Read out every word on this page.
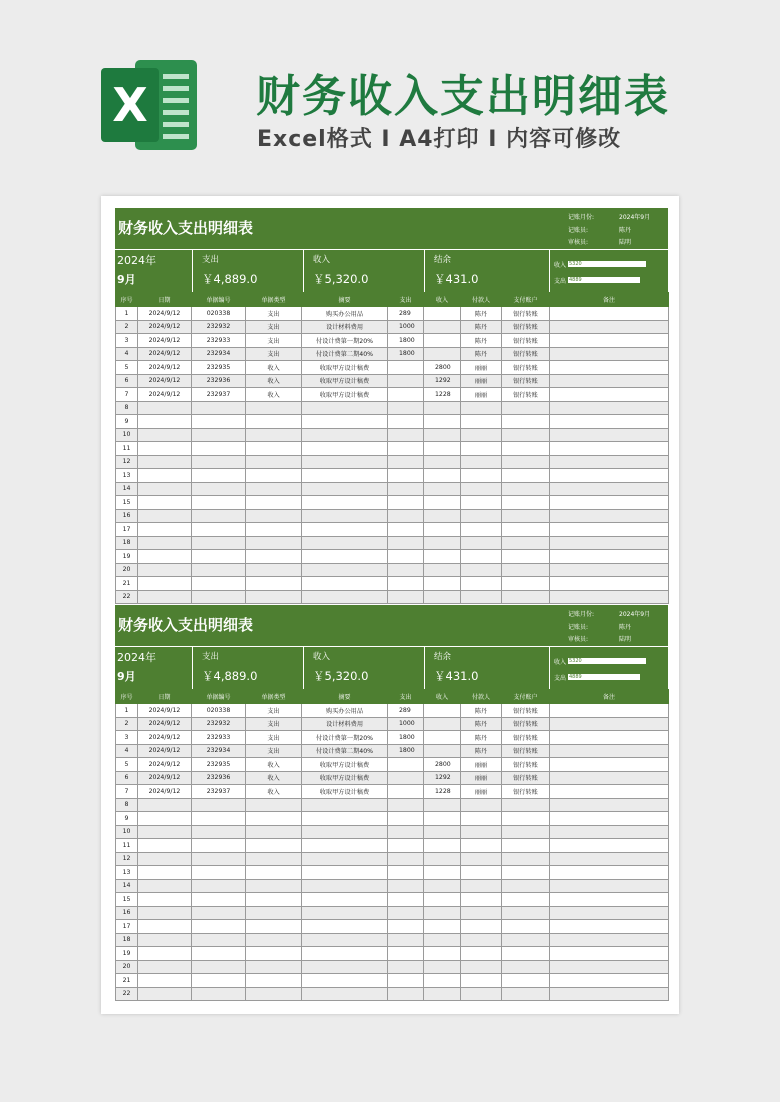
X 财务收入支出明细表

Excel格式 I A4打印 I 内容可修改

财务收入支出明细表
记账月份:	2024年9月
记账员:	陈丹
审核员:	陆明
2024年
9月
支出
￥4,889.0
收入
￥5,320.0
结余
￥431.0
收入 5320
支出 4889
序号	日期	单据编号	单据类型	摘要	支出	收入	付款人	支付账户	备注
1	2024/9/12	020338	支出	购买办公用品	289		陈丹	银行转账	
2	2024/9/12	232932	支出	设计材料费用	1000		陈丹	银行转账	
3	2024/9/12	232933	支出	付设计费第一期20%	1800		陈丹	银行转账	
4	2024/9/12	232934	支出	付设计费第二期40%	1800		陈丹	银行转账	
5	2024/9/12	232935	收入	收取甲方设计稿费		2800	丽丽	银行转账	
6	2024/9/12	232936	收入	收取甲方设计稿费		1292	丽丽	银行转账	
7	2024/9/12	232937	收入	收取甲方设计稿费		1228	丽丽	银行转账	
8									
9									
10									
11									
12									
13									
14									
15									
16									
17									
18									
19									
20									
21									
22									
财务收入支出明细表
记账月份:	2024年9月
记账员:	陈丹
审核员:	陆明
2024年
9月
支出
￥4,889.0
收入
￥5,320.0
结余
￥431.0
收入 5320
支出 4889
序号	日期	单据编号	单据类型	摘要	支出	收入	付款人	支付账户	备注
1	2024/9/12	020338	支出	购买办公用品	289		陈丹	银行转账	
2	2024/9/12	232932	支出	设计材料费用	1000		陈丹	银行转账	
3	2024/9/12	232933	支出	付设计费第一期20%	1800		陈丹	银行转账	
4	2024/9/12	232934	支出	付设计费第二期40%	1800		陈丹	银行转账	
5	2024/9/12	232935	收入	收取甲方设计稿费		2800	丽丽	银行转账	
6	2024/9/12	232936	收入	收取甲方设计稿费		1292	丽丽	银行转账	
7	2024/9/12	232937	收入	收取甲方设计稿费		1228	丽丽	银行转账	
8									
9									
10									
11									
12									
13									
14									
15									
16									
17									
18									
19									
20									
21									
22									
